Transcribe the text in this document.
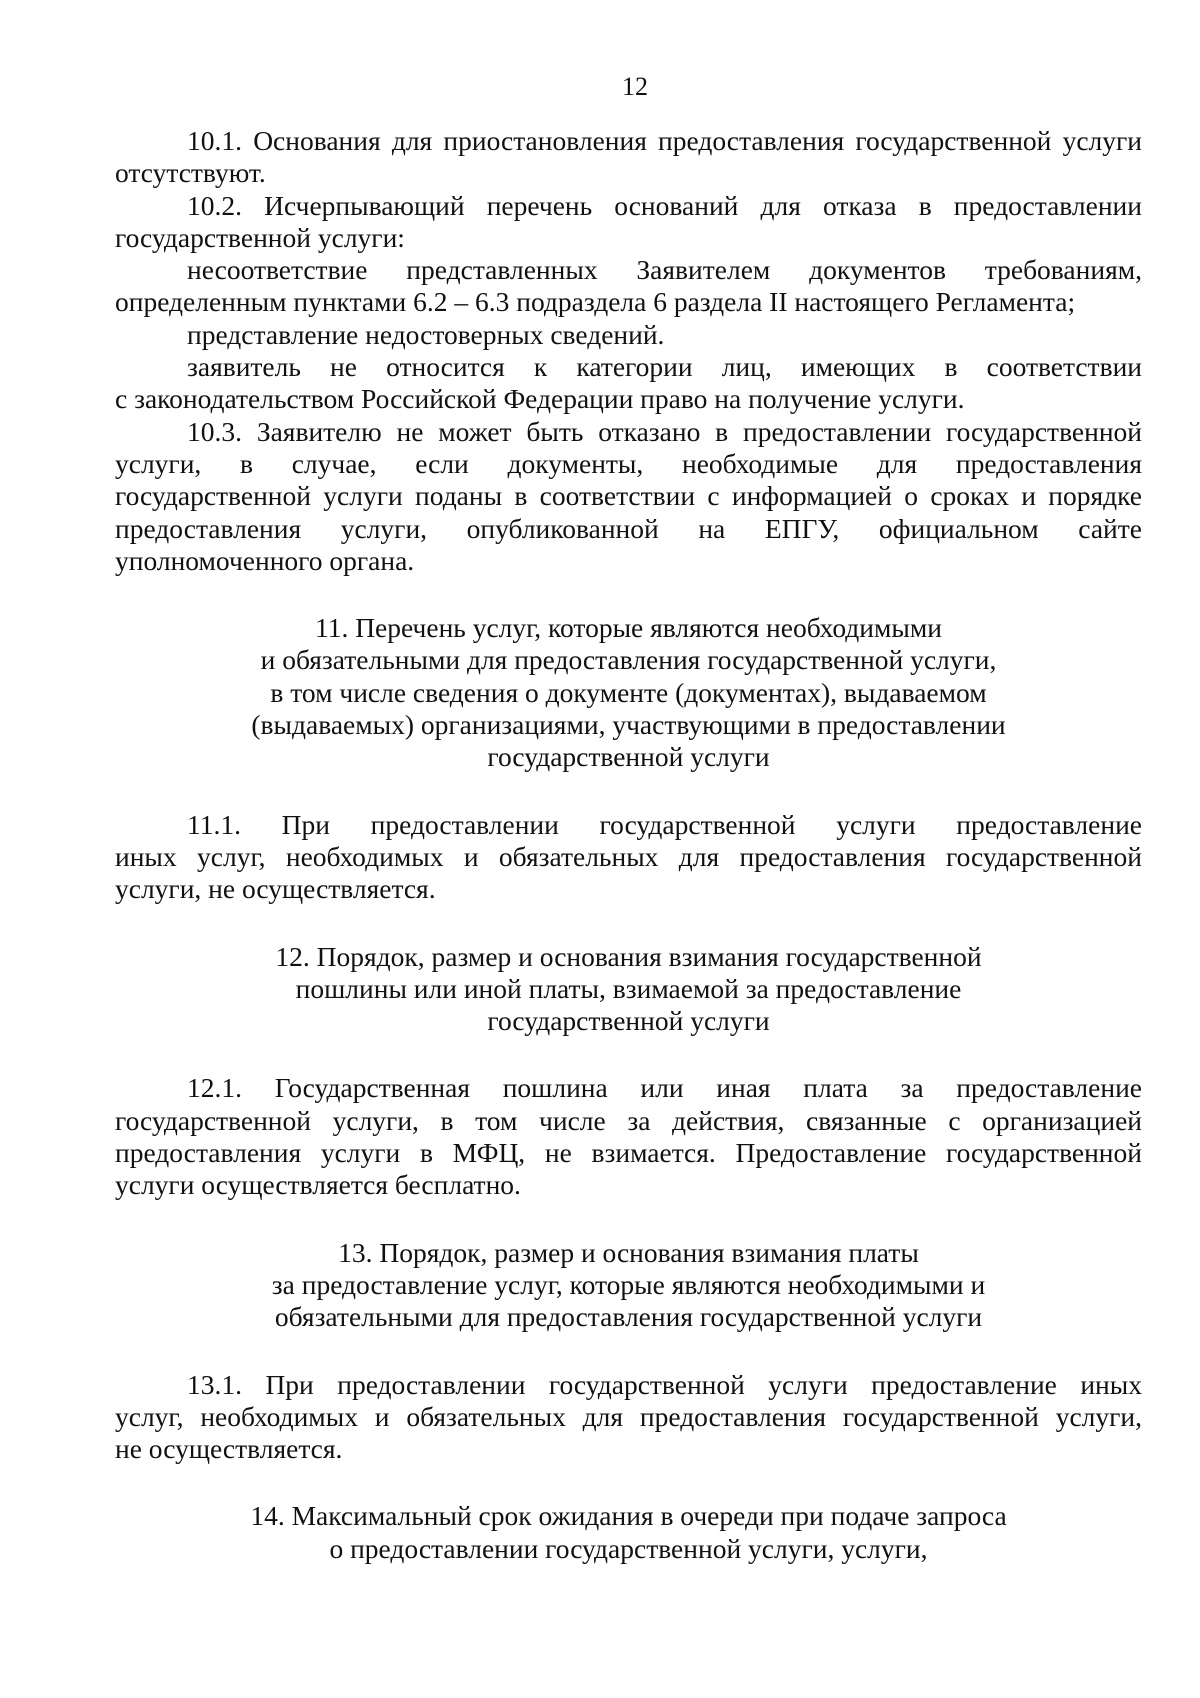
12
10.1. Основания для приостановления предоставления государственной услуги
отсутствуют.
10.2. Исчерпывающий перечень оснований для отказа в предоставлении
государственной услуги:
несоответствие представленных Заявителем документов требованиям,
определенным пунктами 6.2 – 6.3 подраздела 6 раздела II настоящего Регламента;
представление недостоверных сведений.
заявитель не относится к категории лиц, имеющих в соответствии
с законодательством Российской Федерации право на получение услуги.
10.3. Заявителю не может быть отказано в предоставлении государственной
услуги, в случае, если документы, необходимые для предоставления
государственной услуги поданы в соответствии с информацией о сроках и порядке
предоставления услуги, опубликованной на ЕПГУ, официальном сайте
уполномоченного органа.
11. Перечень услуг, которые являются необходимыми
и обязательными для предоставления государственной услуги,
в том числе сведения о документе (документах), выдаваемом
(выдаваемых) организациями, участвующими в предоставлении
государственной услуги
11.1. При предоставлении государственной услуги предоставление
иных услуг, необходимых и обязательных для предоставления государственной
услуги, не осуществляется.
12. Порядок, размер и основания взимания государственной
пошлины или иной платы, взимаемой за предоставление
государственной услуги
12.1. Государственная пошлина или иная плата за предоставление
государственной услуги, в том числе за действия, связанные с организацией
предоставления услуги в МФЦ, не взимается. Предоставление государственной
услуги осуществляется бесплатно.
13. Порядок, размер и основания взимания платы
за предоставление услуг, которые являются необходимыми и
обязательными для предоставления государственной услуги
13.1. При предоставлении государственной услуги предоставление иных
услуг, необходимых и обязательных для предоставления государственной услуги,
не осуществляется.
14. Максимальный срок ожидания в очереди при подаче запроса
о предоставлении государственной услуги, услуги,
